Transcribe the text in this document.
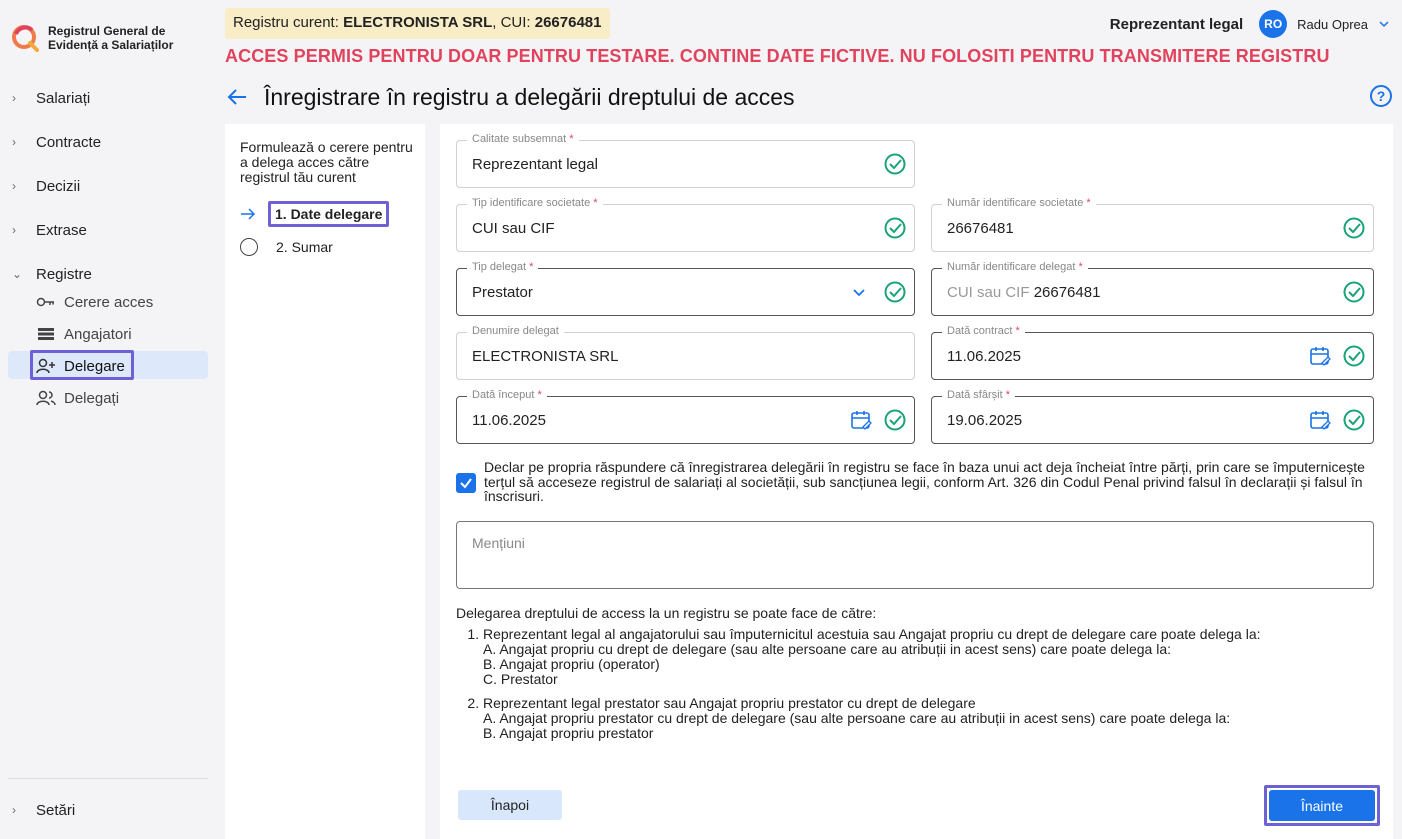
Registrul General de
Evidență a Salariaților
›	Salariați
›	Contracte
›	Decizii
›	Extrase
⌄ Registre
Cerere acces
Angajatori
Delegare
Delegați
›	Setări
Registru curent: ELECTRONISTA SRL, CUI: 26676481
ACCES PERMIS PENTRU DOAR PENTRU TESTARE. CONTINE DATE FICTIVE. NU FOLOSITI PENTRU TRANSMITERE REGISTRU
Reprezentant legal	RO	Radu Oprea
Înregistrare în registru a delegării dreptului de acces	?
Formulează o cerere pentru a delega acces către registrul tău curent
1. Date delegare
2. Sumar
Calitate subsemnat *
Reprezentant legal
Tip identificare societate *
CUI sau CIF
Număr identificare societate *
26676481
Tip delegat *
Prestator
Număr identificare delegat *
CUI sau CIF 26676481
Denumire delegat
ELECTRONISTA SRL
Dată contract *
11.06.2025
Dată început *
11.06.2025
Dată sfârșit *
19.06.2025
Declar pe propria răspundere că înregistrarea delegării în registru se face în baza unui act deja încheiat între părți, prin care se împuternicește terțul să acceseze registrul de salariați al societății, sub sancțiunea legii, conform Art. 326 din Codul Penal privind falsul în declarații și falsul în înscrisuri.
Mențiuni
Delegarea dreptului de access la un registru se poate face de către:
1. Reprezentant legal al angajatorului sau împuternicitul acestuia sau Angajat propriu cu drept de delegare care poate delega la:
A. Angajat propriu cu drept de delegare (sau alte persoane care au atribuții in acest sens) care poate delega la:
B. Angajat propriu (operator)
C. Prestator
2. Reprezentant legal prestator sau Angajat propriu prestator cu drept de delegare
A. Angajat propriu prestator cu drept de delegare (sau alte persoane care au atribuții in acest sens) care poate delega la:
B. Angajat propriu prestator
Înapoi	Înainte
